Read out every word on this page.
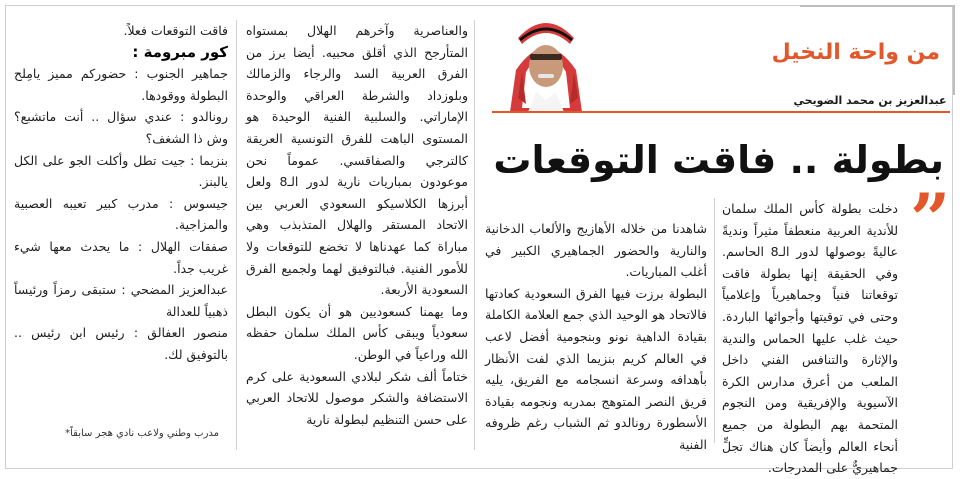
من واحة النخيل
عبدالعزيز بن محمد الضويحي
بطولة .. فاقت التوقعات
”

دخلت بطولة كأس الملك سلمان للأندية العربية منعطفاً مثيراً ونديةً عاليةً بوصولها لدور الـ8 الحاسم. وفي الحقيقة إنها بطولة فاقت توقعاتنا فنياً وجماهيرياً وإعلامياً وحتى في توقيتها وأجوائها الباردة. حيث غلب عليها الحماس والندية والإثارة والتنافس الفني داخل الملعب من أعرق مدارس الكرة الآسيوية والإفريقية ومن النجوم المتحمة بهم البطولة من جميع أنحاء العالم وأيضاً كان هناك تجلٍّ جماهيريٌّ على المدرجات.

شاهدنا من خلاله الأهازيج والألعاب الدخانية والنارية والحضور الجماهيري الكبير في أغلب المباريات.

البطولة برزت فيها الفرق السعودية كعادتها فالاتحاد هو الوحيد الذي جمع العلامة الكاملة بقيادة الداهية نونو وبنجومية أفضل لاعب في العالم كريم بنزيما الذي لفت الأنظار بأهدافه وسرعة انسجامه مع الفريق، يليه فريق النصر المتوهج بمدربه ونجومه بقيادة الأسطورة رونالدو ثم الشباب رغم ظروفه الفنية

والعناصرية وآخرهم الهلال بمستواه المتأرجح الذي أقلق محبيه. أيضا برز من الفرق العربية السد والرجاء والزمالك وبلوزداد والشرطة العراقي والوحدة الإماراتي. والسلبية الفنية الوحيدة هو المستوى الباهت للفرق التونسية العريقة كالترجي والصفاقسي. عموماً نحن موعودون بمباريات نارية لدور الـ8 ولعل أبرزها الكلاسيكو السعودي العربي بين الاتحاد المستقر والهلال المتذبذب وهي مباراة كما عهدناها لا تخضع للتوقعات ولا للأمور الفنية. فبالتوفيق لهما ولجميع الفرق السعودية الأربعة.

وما يهمنا كسعوديين هو أن يكون البطل سعودياً ويبقى كأس الملك سلمان حفظه الله وراعياً في الوطن.

ختاماً ألف شكر لبلادي السعودية على كرم الاستضافة والشكر موصول للاتحاد العربي على حسن التنظيم لبطولة نارية

فاقت التوقعات فعلاً.

كور مبرومة :

جماهير الجنوب : حضوركم مميز يامِلح البطولة ووقودها.

رونالدو : عندي سؤال .. أنت ماتشبع؟ وش ذا الشغف؟

بنزيما : جيت تطل وأكلت الجو على الكل يالبنز.

جيسوس : مدرب كبير تعيبه العصبية والمزاجية.

صفقات الهلال : ما يحدث معها شيء غريب جداً.

عبدالعزيز المضحي : ستبقى رمزاً ورئيساً ذهبياً للعدالة

منصور العفالق : رئيس ابن رئيس .. بالتوفيق لك.

مدرب وطني ولاعب نادي هجر سابقاً*
